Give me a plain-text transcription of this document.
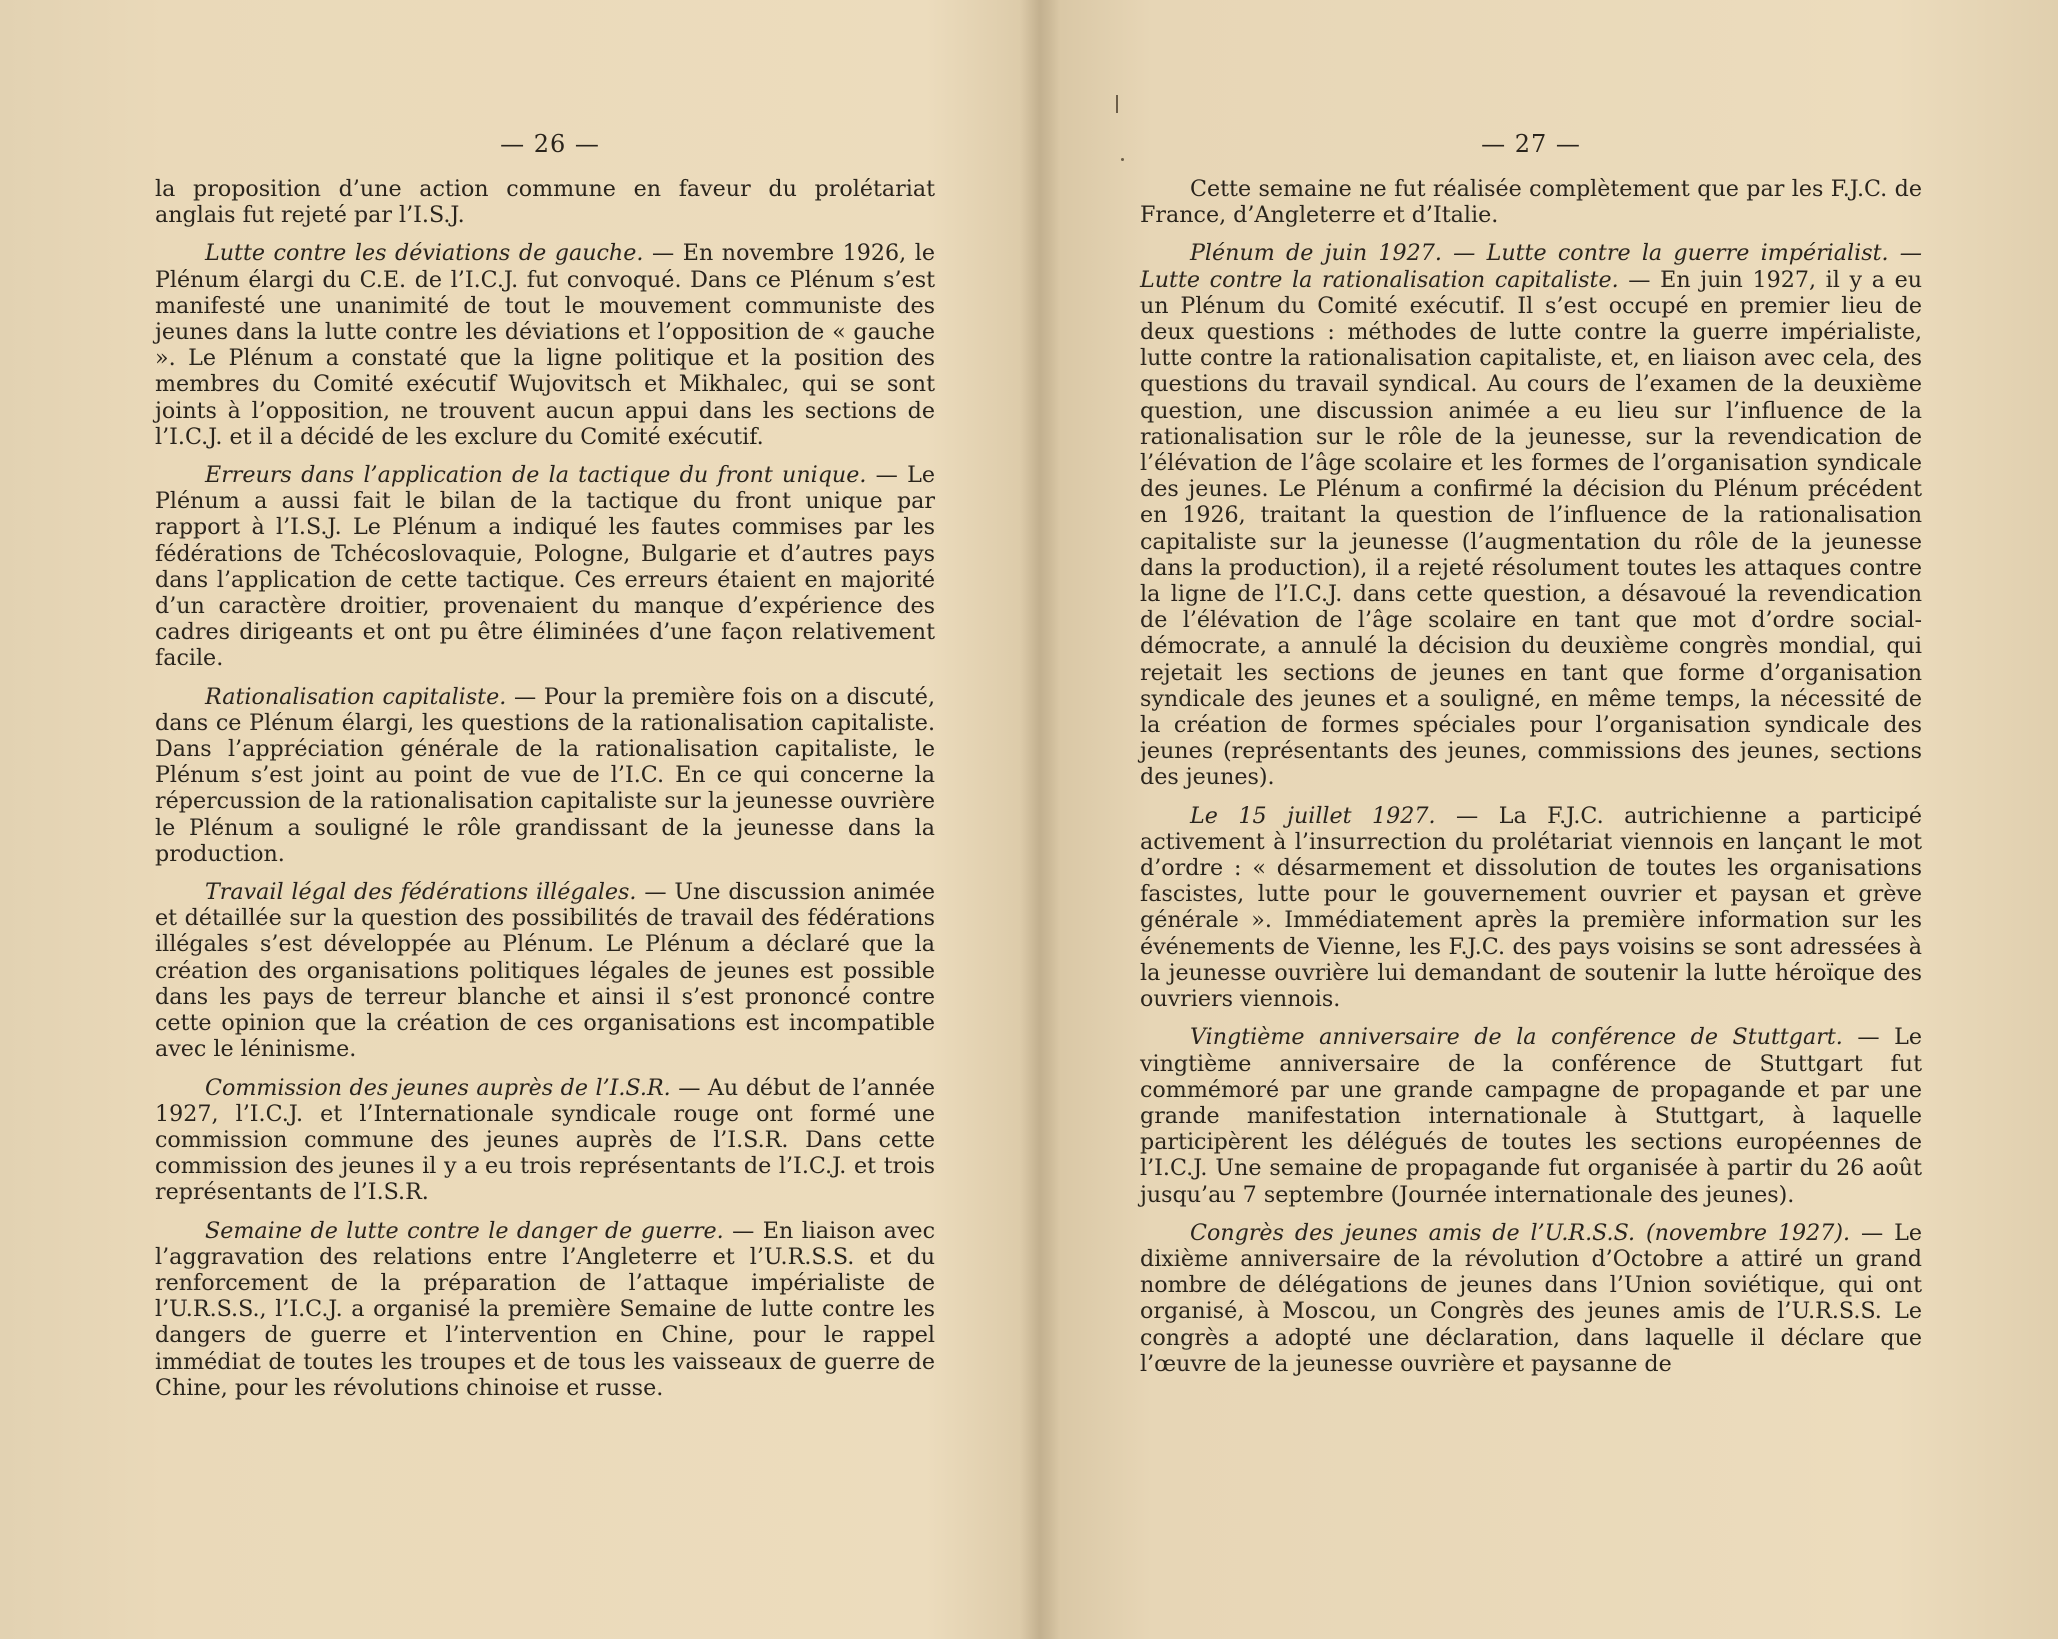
— 26 —

la proposition d’une action commune en faveur du prolétariat anglais fut rejeté par l’I.S.J.

Lutte contre les déviations de gauche. — En novembre 1926, le Plénum élargi du C.E. de l’I.C.J. fut convoqué. Dans ce Plénum s’est manifesté une unanimité de tout le mouvement communiste des jeunes dans la lutte contre les déviations et l’opposition de « gauche ». Le Plénum a constaté que la ligne politique et la position des membres du Comité exécutif Wujovitsch et Mikhalec, qui se sont joints à l’opposition, ne trouvent aucun appui dans les sections de l’I.C.J. et il a décidé de les exclure du Comité exécutif.

Erreurs dans l’application de la tactique du front unique. — Le Plénum a aussi fait le bilan de la tactique du front unique par rapport à l’I.S.J. Le Plénum a indiqué les fautes commises par les fédérations de Tchécoslovaquie, Pologne, Bulgarie et d’autres pays dans l’application de cette tactique. Ces erreurs étaient en majorité d’un caractère droitier, provenaient du manque d’expérience des cadres dirigeants et ont pu être éliminées d’une façon relativement facile.

Rationalisation capitaliste. — Pour la première fois on a discuté, dans ce Plénum élargi, les questions de la rationalisation capitaliste. Dans l’appréciation générale de la rationalisation capitaliste, le Plénum s’est joint au point de vue de l’I.C. En ce qui concerne la répercussion de la rationalisation capitaliste sur la jeunesse ouvrière le Plénum a souligné le rôle grandissant de la jeunesse dans la production.

Travail légal des fédérations illégales. — Une discussion animée et détaillée sur la question des possibilités de travail des fédérations illégales s’est développée au Plénum. Le Plénum a déclaré que la création des organisations politiques légales de jeunes est possible dans les pays de terreur blanche et ainsi il s’est prononcé contre cette opinion que la création de ces organisations est incompatible avec le léninisme.

Commission des jeunes auprès de l’I.S.R. — Au début de l’année 1927, l’I.C.J. et l’Internationale syndicale rouge ont formé une commission commune des jeunes auprès de l’I.S.R. Dans cette commission des jeunes il y a eu trois représentants de l’I.C.J. et trois représentants de l’I.S.R.

Semaine de lutte contre le danger de guerre. — En liaison avec l’aggravation des relations entre l’Angleterre et l’U.R.S.S. et du renforcement de la préparation de l’attaque impérialiste de l’U.R.S.S., l’I.C.J. a organisé la première Semaine de lutte contre les dangers de guerre et l’intervention en Chine, pour le rappel immédiat de toutes les troupes et de tous les vaisseaux de guerre de Chine, pour les révolutions chinoise et russe.

— 27 —

Cette semaine ne fut réalisée complètement que par les F.J.C. de France, d’Angleterre et d’Italie.

Plénum de juin 1927. — Lutte contre la guerre impérialist. — Lutte contre la rationalisation capitaliste. — En juin 1927, il y a eu un Plénum du Comité exécutif. Il s’est occupé en premier lieu de deux questions : méthodes de lutte contre la guerre impérialiste, lutte contre la rationalisation capitaliste, et, en liaison avec cela, des questions du travail syndical. Au cours de l’examen de la deuxième question, une discussion animée a eu lieu sur l’influence de la rationalisation sur le rôle de la jeunesse, sur la revendication de l’élévation de l’âge scolaire et les formes de l’organisation syndicale des jeunes. Le Plénum a confirmé la décision du Plénum précédent en 1926, traitant la question de l’influence de la rationalisation capitaliste sur la jeunesse (l’augmentation du rôle de la jeunesse dans la production), il a rejeté résolument toutes les attaques contre la ligne de l’I.C.J. dans cette question, a désavoué la revendication de l’élévation de l’âge scolaire en tant que mot d’ordre social-démocrate, a annulé la décision du deuxième congrès mondial, qui rejetait les sections de jeunes en tant que forme d’organisation syndicale des jeunes et a souligné, en même temps, la nécessité de la création de formes spéciales pour l’organisation syndicale des jeunes (représentants des jeunes, commissions des jeunes, sections des jeunes).

Le 15 juillet 1927. — La F.J.C. autrichienne a participé activement à l’insurrection du prolétariat viennois en lançant le mot d’ordre : « désarmement et dissolution de toutes les organisations fascistes, lutte pour le gouvernement ouvrier et paysan et grève générale ». Immédiatement après la première information sur les événements de Vienne, les F.J.C. des pays voisins se sont adressées à la jeunesse ouvrière lui demandant de soutenir la lutte héroïque des ouvriers viennois.

Vingtième anniversaire de la conférence de Stuttgart. — Le vingtième anniversaire de la conférence de Stuttgart fut commémoré par une grande campagne de propagande et par une grande manifestation internationale à Stuttgart, à laquelle participèrent les délégués de toutes les sections européennes de l’I.C.J. Une semaine de propagande fut organisée à partir du 26 août jusqu’au 7 septembre (Journée internationale des jeunes).

Congrès des jeunes amis de l’U.R.S.S. (novembre 1927). — Le dixième anniversaire de la révolution d’Octobre a attiré un grand nombre de délégations de jeunes dans l’Union soviétique, qui ont organisé, à Moscou, un Congrès des jeunes amis de l’U.R.S.S. Le congrès a adopté une déclaration, dans laquelle il déclare que l’œuvre de la jeunesse ouvrière et paysanne de
